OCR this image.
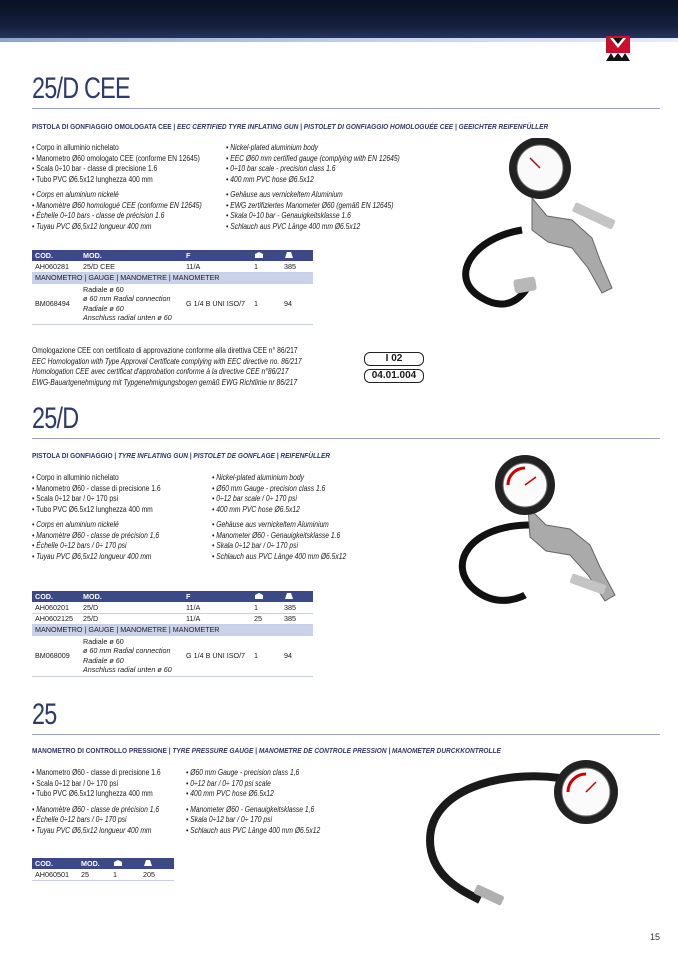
25/D CEE
PISTOLA DI GONFIAGGIO OMOLOGATA CEE | EEC CERTIFIED TYRE INFLATING GUN | PISTOLET DI GONFIAGGIO HOMOLOGUÉE CEE | GEEICHTER REIFENFÜLLER
• Corpo in alluminio nichelato
• Manometro Ø60 omologato CEE (conforme EN 12645)
• Scala 0÷10 bar - classe di precisione 1.6
• Tubo PVC Ø6.5x12 lunghezza 400 mm
• Corps en aluminium nickelé
• Manomètre Ø60 homologué CEE (conforme EN 12645)
• Échelle 0÷10 bars - classe de précision 1.6
• Tuyau PVC Ø6,5x12 longueur 400 mm
• Nickel-plated aluminium body
• EEC Ø60 mm certified gauge (complying with EN 12645)
• 0÷10 bar scale - precision class 1.6
• 400 mm PVC hose Ø6.5x12
• Gehäuse aus vernickeltem Aluminium
• EWG zertifiziertes Manometer Ø60 (gemäß EN 12645)
• Skala 0÷10 bar - Genauigkeitsklasse 1.6
• Schlauch aus PVC Länge 400 mm Ø6.5x12
COD.	MOD.	F		
AH060281	25/D CEE	11/A	1	385
MANOMETRO | GAUGE | MANOMETRE | MANOMETER				
BM068494	Radiale ø 60
ø 60 mm Radial connection
Radiale ø 60
Anschluss radial unten ø 60	G 1/4 B UNI ISO/7	1	94
Omologazione CEE con certificato di approvazione conforme alla direttiva CEE n° 86/217
EEC Homologation with Type Approval Certificate complying with EEC directive no. 86/217
Homologation CEE avec certificat d'approbation conforme à la directive CEE n°86/217
EWG-Bauartgenehmigung mit Typgenehmigungsbogen gemäß EWG Richtlinie nr 86/217
I 02
04.01.004
25/D
PISTOLA DI GONFIAGGIO | TYRE INFLATING GUN | PISTOLET DE GONFLAGE | REIFENFÜLLER
• Corpo in alluminio nichelato
• Manometro Ø60 - classe di precisione 1.6
• Scala 0÷12 bar / 0÷ 170 psi
• Tubo PVC Ø6.5x12 lunghezza 400 mm
• Corps en aluminium nickelé
• Manomètre Ø60 - classe de précision 1,6
• Échelle 0÷12 bars / 0÷ 170 psi
• Tuyau PVC Ø6,5x12 longueur 400 mm
• Nickel-plated aluminium body
• Ø60 mm Gauge - precision class 1.6
• 0÷12 bar scale / 0÷ 170 psi
• 400 mm PVC hose Ø6.5x12
• Gehäuse aus vernickeltem Aluminium
• Manometer Ø60 - Genauigkeitsklasse 1.6
• Skala 0÷12 bar / 0÷ 170 psi
• Schlauch aus PVC Länge 400 mm Ø6.5x12
COD.	MOD.	F		
AH060201	25/D	11/A	1	385
AH0602125	25/D	11/A	25	385
MANOMETRO | GAUGE | MANOMETRE | MANOMETER				
BM068009	Radiale ø 60
ø 60 mm Radial connection
Radiale ø 60
Anschluss radial unten ø 60	G 1/4 B UNI ISO/7	1	94
25
MANOMETRO DI CONTROLLO PRESSIONE | TYRE PRESSURE GAUGE | MANOMETRE DE CONTROLE PRESSION | MANOMETER DURCKKONTROLLE
• Manometro Ø60 - classe di precisione 1.6
• Scala 0÷12 bar / 0÷ 170 psi
• Tubo PVC Ø6.5x12 lunghezza 400 mm
• Manomètre Ø60 - classe de précision 1,6
• Échelle 0÷12 bars / 0÷ 170 psi
• Tuyau PVC Ø6,5x12 longueur 400 mm
• Ø60 mm Gauge - precision class 1,6
• 0÷12 bar / 0÷ 170 psi scale
• 400 mm PVC hose Ø6.5x12
• Manometer Ø60 - Genauigkeitsklasse 1,6
• Skala 0÷12 bar / 0÷ 170 psi
• Schlauch aus PVC Länge 400 mm Ø6.5x12
COD.	MOD.		
AH060501	25	1	205
15
